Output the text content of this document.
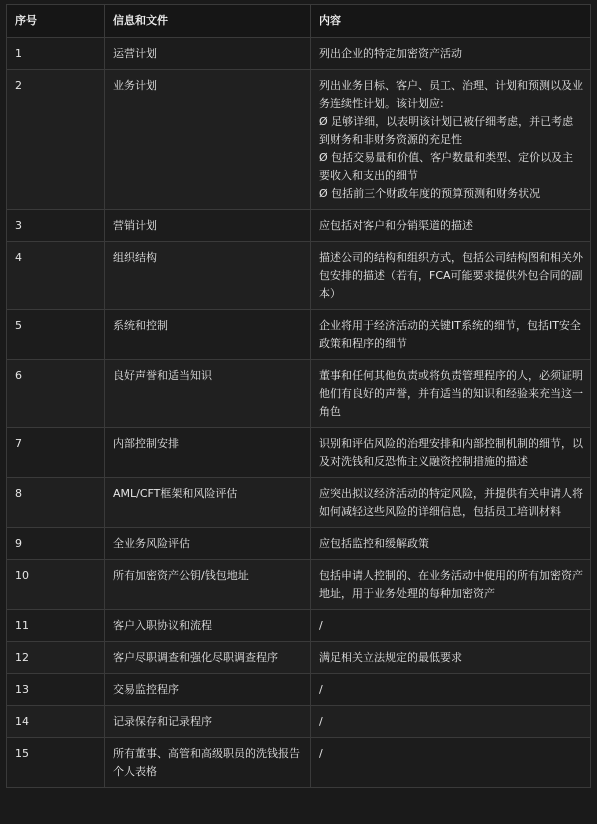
序号	信息和文件	内容
1	运营计划	列出企业的特定加密资产活动
2	业务计划	列出业务目标、客户、员工、治理、计划和预测以及业务连续性计划。该计划应:
Ø 足够详细，以表明该计划已被仔细考虑，并已考虑到财务和非财务资源的充足性
Ø 包括交易量和价值、客户数量和类型、定价以及主要收入和支出的细节
Ø 包括前三个财政年度的预算预测和财务状况
3	营销计划	应包括对客户和分销渠道的描述
4	组织结构	描述公司的结构和组织方式，包括公司结构图和相关外包安排的描述（若有，FCA可能要求提供外包合同的副本）
5	系统和控制	企业将用于经济活动的关键IT系统的细节，包括IT安全政策和程序的细节
6	良好声誉和适当知识	董事和任何其他负责或将负责管理程序的人，必须证明他们有良好的声誉，并有适当的知识和经验来充当这一角色
7	内部控制安排	识别和评估风险的治理安排和内部控制机制的细节，以及对洗钱和反恐怖主义融资控制措施的描述
8	AML/CFT框架和风险评估	应突出拟议经济活动的特定风险，并提供有关申请人将如何减轻这些风险的详细信息，包括员工培训材料
9	全业务风险评估	应包括监控和缓解政策
10	所有加密资产公钥/钱包地址	包括申请人控制的、在业务活动中使用的所有加密资产地址，用于业务处理的每种加密资产
11	客户入职协议和流程	/
12	客户尽职调查和强化尽职调查程序	满足相关立法规定的最低要求
13	交易监控程序	/
14	记录保存和记录程序	/
15	所有董事、高管和高级职员的洗钱报告个人表格	/
